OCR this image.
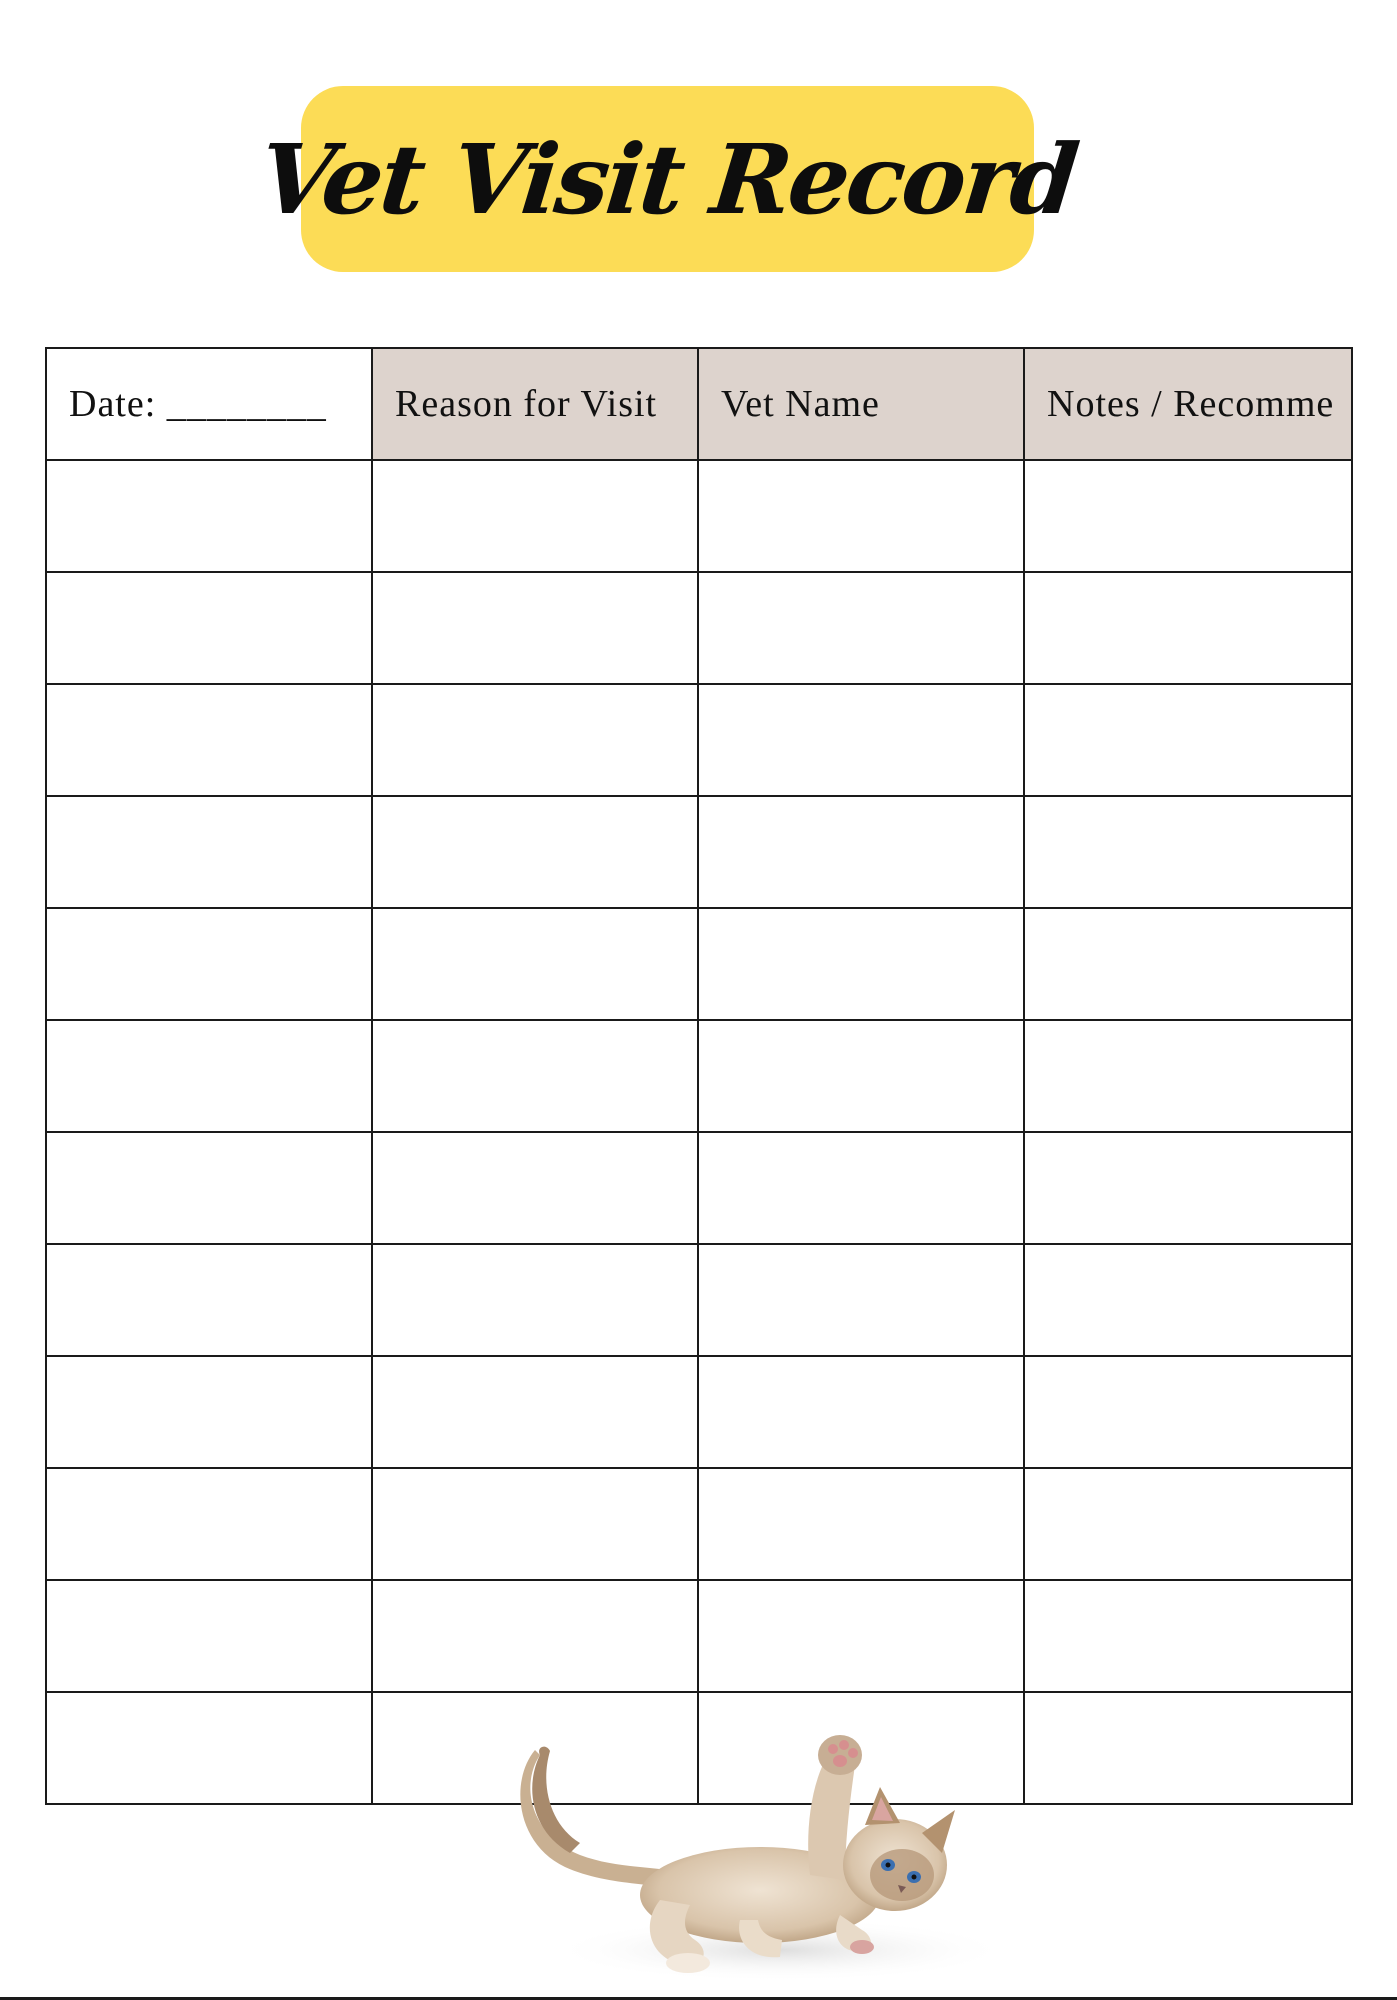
Vet Visit Record
Date: ________	Reason for Visit	Vet Name	Notes / Recomme
